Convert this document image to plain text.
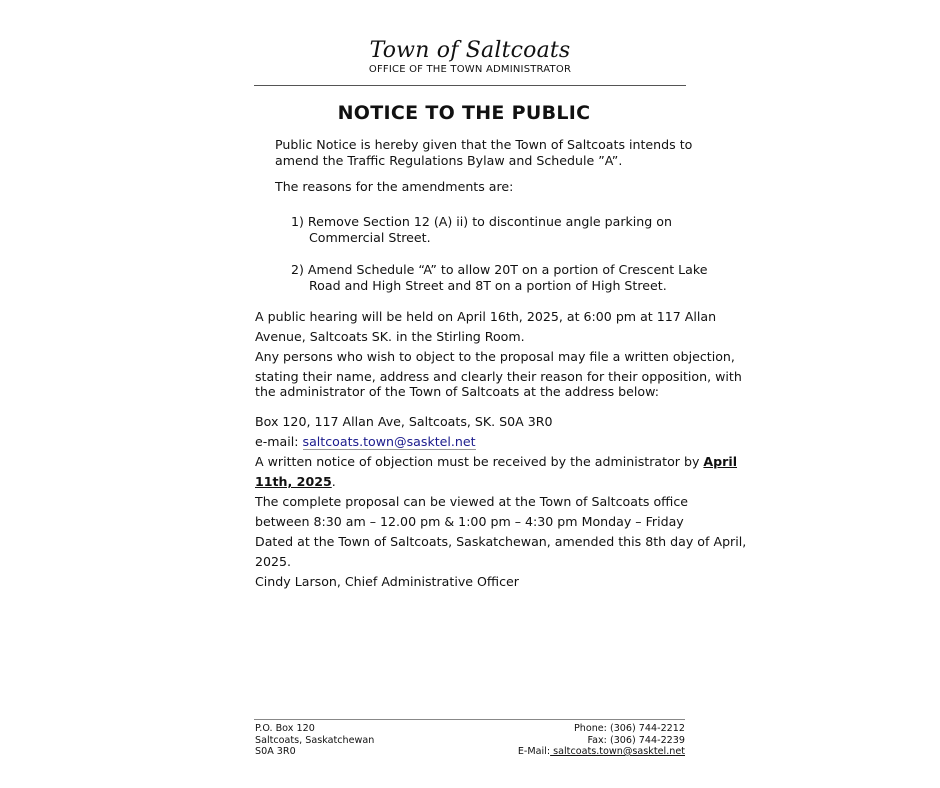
Town of Saltcoats
OFFICE OF THE TOWN ADMINISTRATOR
NOTICE TO THE PUBLIC
Public Notice is hereby given that the Town of Saltcoats intends to
amend the Traffic Regulations Bylaw and Schedule ”A”.
The reasons for the amendments are:
1) Remove Section 12 (A) ii) to discontinue angle parking on
Commercial Street.
2) Amend Schedule “A” to allow 20T on a portion of Crescent Lake
Road and High Street and 8T on a portion of High Street.
A public hearing will be held on April 16th, 2025, at 6:00 pm at 117 Allan
Avenue, Saltcoats SK. in the Stirling Room.
Any persons who wish to object to the proposal may file a written objection,
stating their name, address and clearly their reason for their opposition, with
the administrator of the Town of Saltcoats at the address below:
Box 120, 117 Allan Ave, Saltcoats, SK. S0A 3R0
e-mail: saltcoats.town@sasktel.net
A written notice of objection must be received by the administrator by April
11th, 2025.
The complete proposal can be viewed at the Town of Saltcoats office
between 8:30 am – 12.00 pm & 1:00 pm – 4:30 pm Monday – Friday
Dated at the Town of Saltcoats, Saskatchewan, amended this 8th day of April,
2025.
Cindy Larson, Chief Administrative Officer
P.O. Box 120
Saltcoats, Saskatchewan
S0A 3R0
Phone: (306) 744-2212
Fax: (306) 744-2239
E-Mail: saltcoats.town@sasktel.net
